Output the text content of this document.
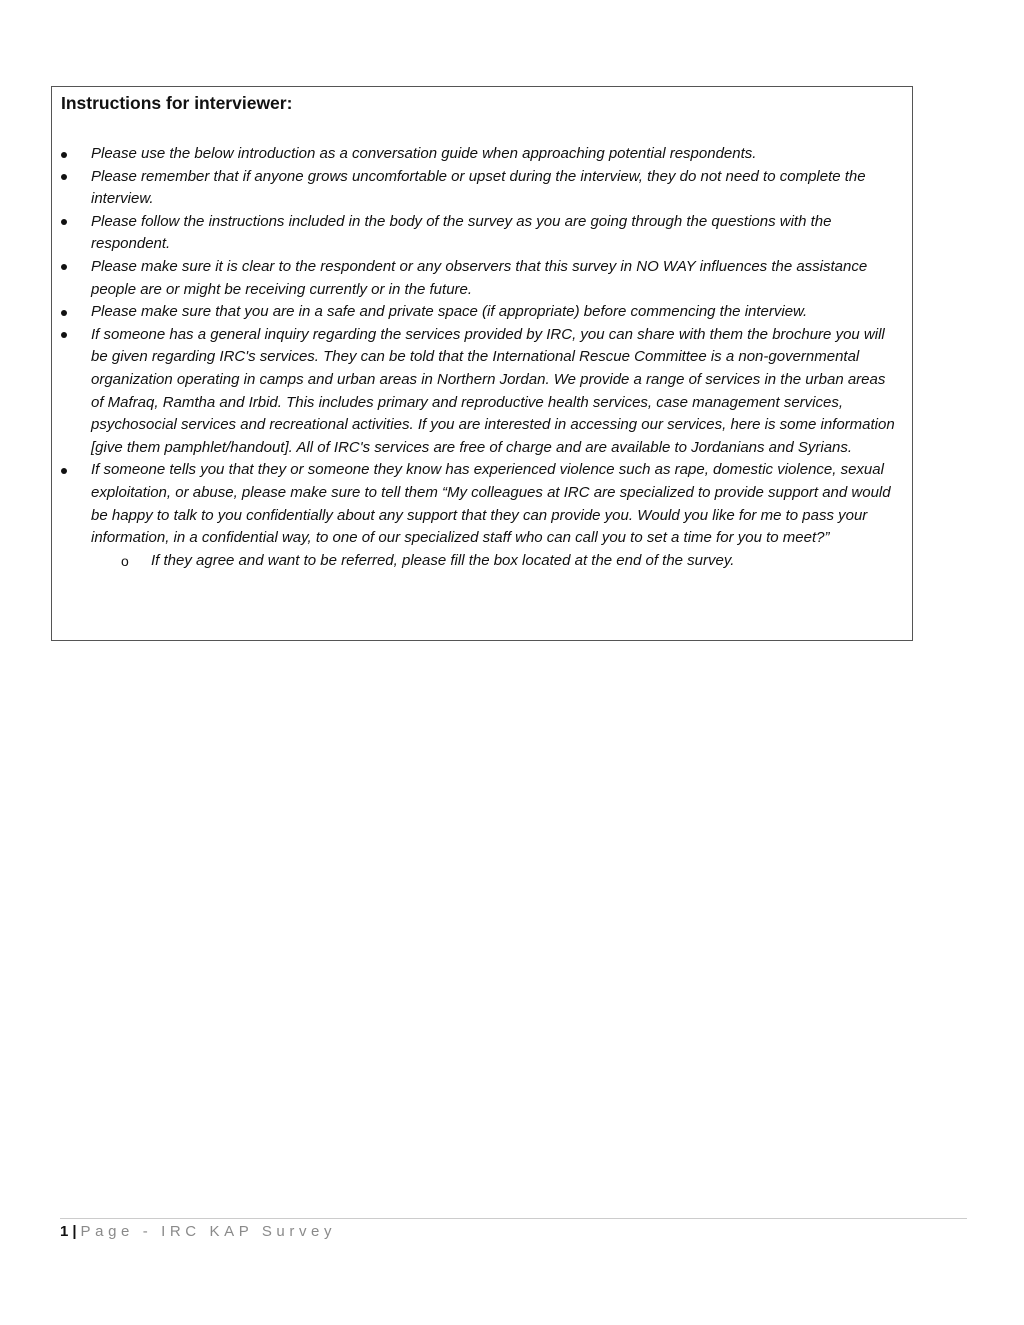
Instructions for interviewer:
Please use the below introduction as a conversation guide when approaching potential respondents.
Please remember that if anyone grows uncomfortable or upset during the interview, they do not need to complete the interview.
Please follow the instructions included in the body of the survey as you are going through the questions with the respondent.
Please make sure it is clear to the respondent or any observers that this survey in NO WAY influences the assistance people are or might be receiving currently or in the future.
Please make sure that you are in a safe and private space (if appropriate) before commencing the interview.
If someone has a general inquiry regarding the services provided by IRC, you can share with them the brochure you will be given regarding IRC's services. They can be told that the International Rescue Committee is a non-governmental organization operating in camps and urban areas in Northern Jordan. We provide a range of services in the urban areas of Mafraq, Ramtha and Irbid. This includes primary and reproductive health services, case management services, psychosocial services and recreational activities. If you are interested in accessing our services, here is some information [give them pamphlet/handout]. All of IRC's services are free of charge and are available to Jordanians and Syrians.
If someone tells you that they or someone they know has experienced violence such as rape, domestic violence, sexual exploitation, or abuse, please make sure to tell them “My colleagues at IRC are specialized to provide support and would be happy to talk to you confidentially about any support that they can provide you. Would you like for me to pass your information, in a confidential way, to one of our specialized staff who can call you to set a time for you to meet?”
o If they agree and want to be referred, please fill the box located at the end of the survey.
1 | Page - IRC KAP Survey
